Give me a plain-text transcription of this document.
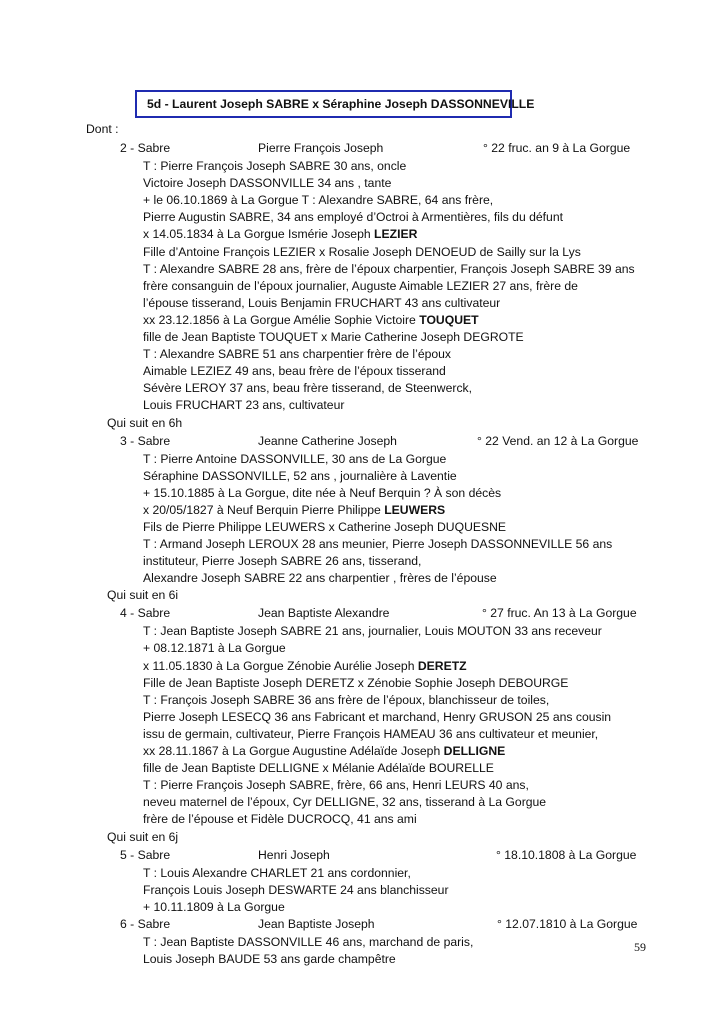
5d - Laurent Joseph SABRE x Séraphine Joseph DASSONNEVILLE
Dont :
2 - Sabre	Pierre François Joseph	° 22 fruc. an 9 à La Gorgue
T : Pierre François Joseph SABRE 30 ans, oncle
Victoire Joseph DASSONVILLE 34 ans , tante
+ le 06.10.1869 à La Gorgue T : Alexandre SABRE, 64 ans frère,
Pierre Augustin SABRE, 34 ans employé d’Octroi à Armentières, fils du défunt
x 14.05.1834 à La Gorgue Ismérie Joseph LEZIER
Fille d’Antoine François LEZIER x Rosalie Joseph DENOEUD de Sailly sur la Lys
T : Alexandre SABRE 28 ans, frère de l’époux charpentier, François Joseph SABRE 39 ans
frère consanguin de l’époux journalier, Auguste Aimable LEZIER 27 ans, frère de
l’épouse tisserand, Louis Benjamin FRUCHART 43 ans cultivateur
xx 23.12.1856 à La Gorgue Amélie Sophie Victoire TOUQUET
fille de Jean Baptiste TOUQUET x Marie Catherine Joseph DEGROTE
T : Alexandre SABRE 51 ans charpentier frère de l’époux
Aimable LEZIEZ 49 ans, beau frère de l’époux tisserand
Sévère LEROY 37 ans, beau frère tisserand, de Steenwerck,
Louis FRUCHART 23 ans, cultivateur
Qui suit en 6h
3 - Sabre	Jeanne Catherine Joseph	° 22 Vend. an 12 à La Gorgue
T : Pierre Antoine DASSONVILLE, 30 ans de La Gorgue
Séraphine DASSONVILLE, 52 ans , journalière à Laventie
+ 15.10.1885 à La Gorgue, dite née à Neuf Berquin ? À son décès
x 20/05/1827 à Neuf Berquin Pierre Philippe LEUWERS
Fils de Pierre Philippe LEUWERS x Catherine Joseph DUQUESNE
T : Armand Joseph LEROUX 28 ans meunier, Pierre Joseph DASSONNEVILLE 56 ans
instituteur, Pierre Joseph SABRE 26 ans, tisserand,
Alexandre Joseph SABRE 22 ans charpentier , frères de l’épouse
Qui suit en 6i
4 - Sabre	Jean Baptiste Alexandre	° 27 fruc. An 13 à La Gorgue
T : Jean Baptiste Joseph SABRE 21 ans, journalier, Louis MOUTON 33 ans receveur
+ 08.12.1871 à La Gorgue
x 11.05.1830 à La Gorgue Zénobie Aurélie Joseph DERETZ
Fille de Jean Baptiste Joseph DERETZ x Zénobie Sophie Joseph DEBOURGE
T : François Joseph SABRE 36 ans frère de l’époux, blanchisseur de toiles,
Pierre Joseph LESECQ 36 ans Fabricant et marchand, Henry GRUSON 25 ans cousin
issu de germain, cultivateur, Pierre François HAMEAU 36 ans cultivateur et meunier,
xx 28.11.1867 à La Gorgue Augustine Adélaïde Joseph DELLIGNE
fille de Jean Baptiste DELLIGNE x Mélanie Adélaïde BOURELLE
T : Pierre François Joseph SABRE, frère, 66 ans, Henri LEURS 40 ans,
neveu maternel de l’époux, Cyr DELLIGNE, 32 ans, tisserand à La Gorgue
frère de l’épouse et Fidèle DUCROCQ, 41 ans ami
Qui suit en 6j
5 - Sabre	Henri Joseph	° 18.10.1808 à La Gorgue
T : Louis Alexandre CHARLET 21 ans cordonnier,
François Louis Joseph DESWARTE 24 ans blanchisseur
+ 10.11.1809 à La Gorgue
6 - Sabre	Jean Baptiste Joseph	° 12.07.1810 à La Gorgue
T : Jean Baptiste DASSONVILLE 46 ans, marchand de paris,
Louis Joseph BAUDE 53 ans garde champêtre
59
